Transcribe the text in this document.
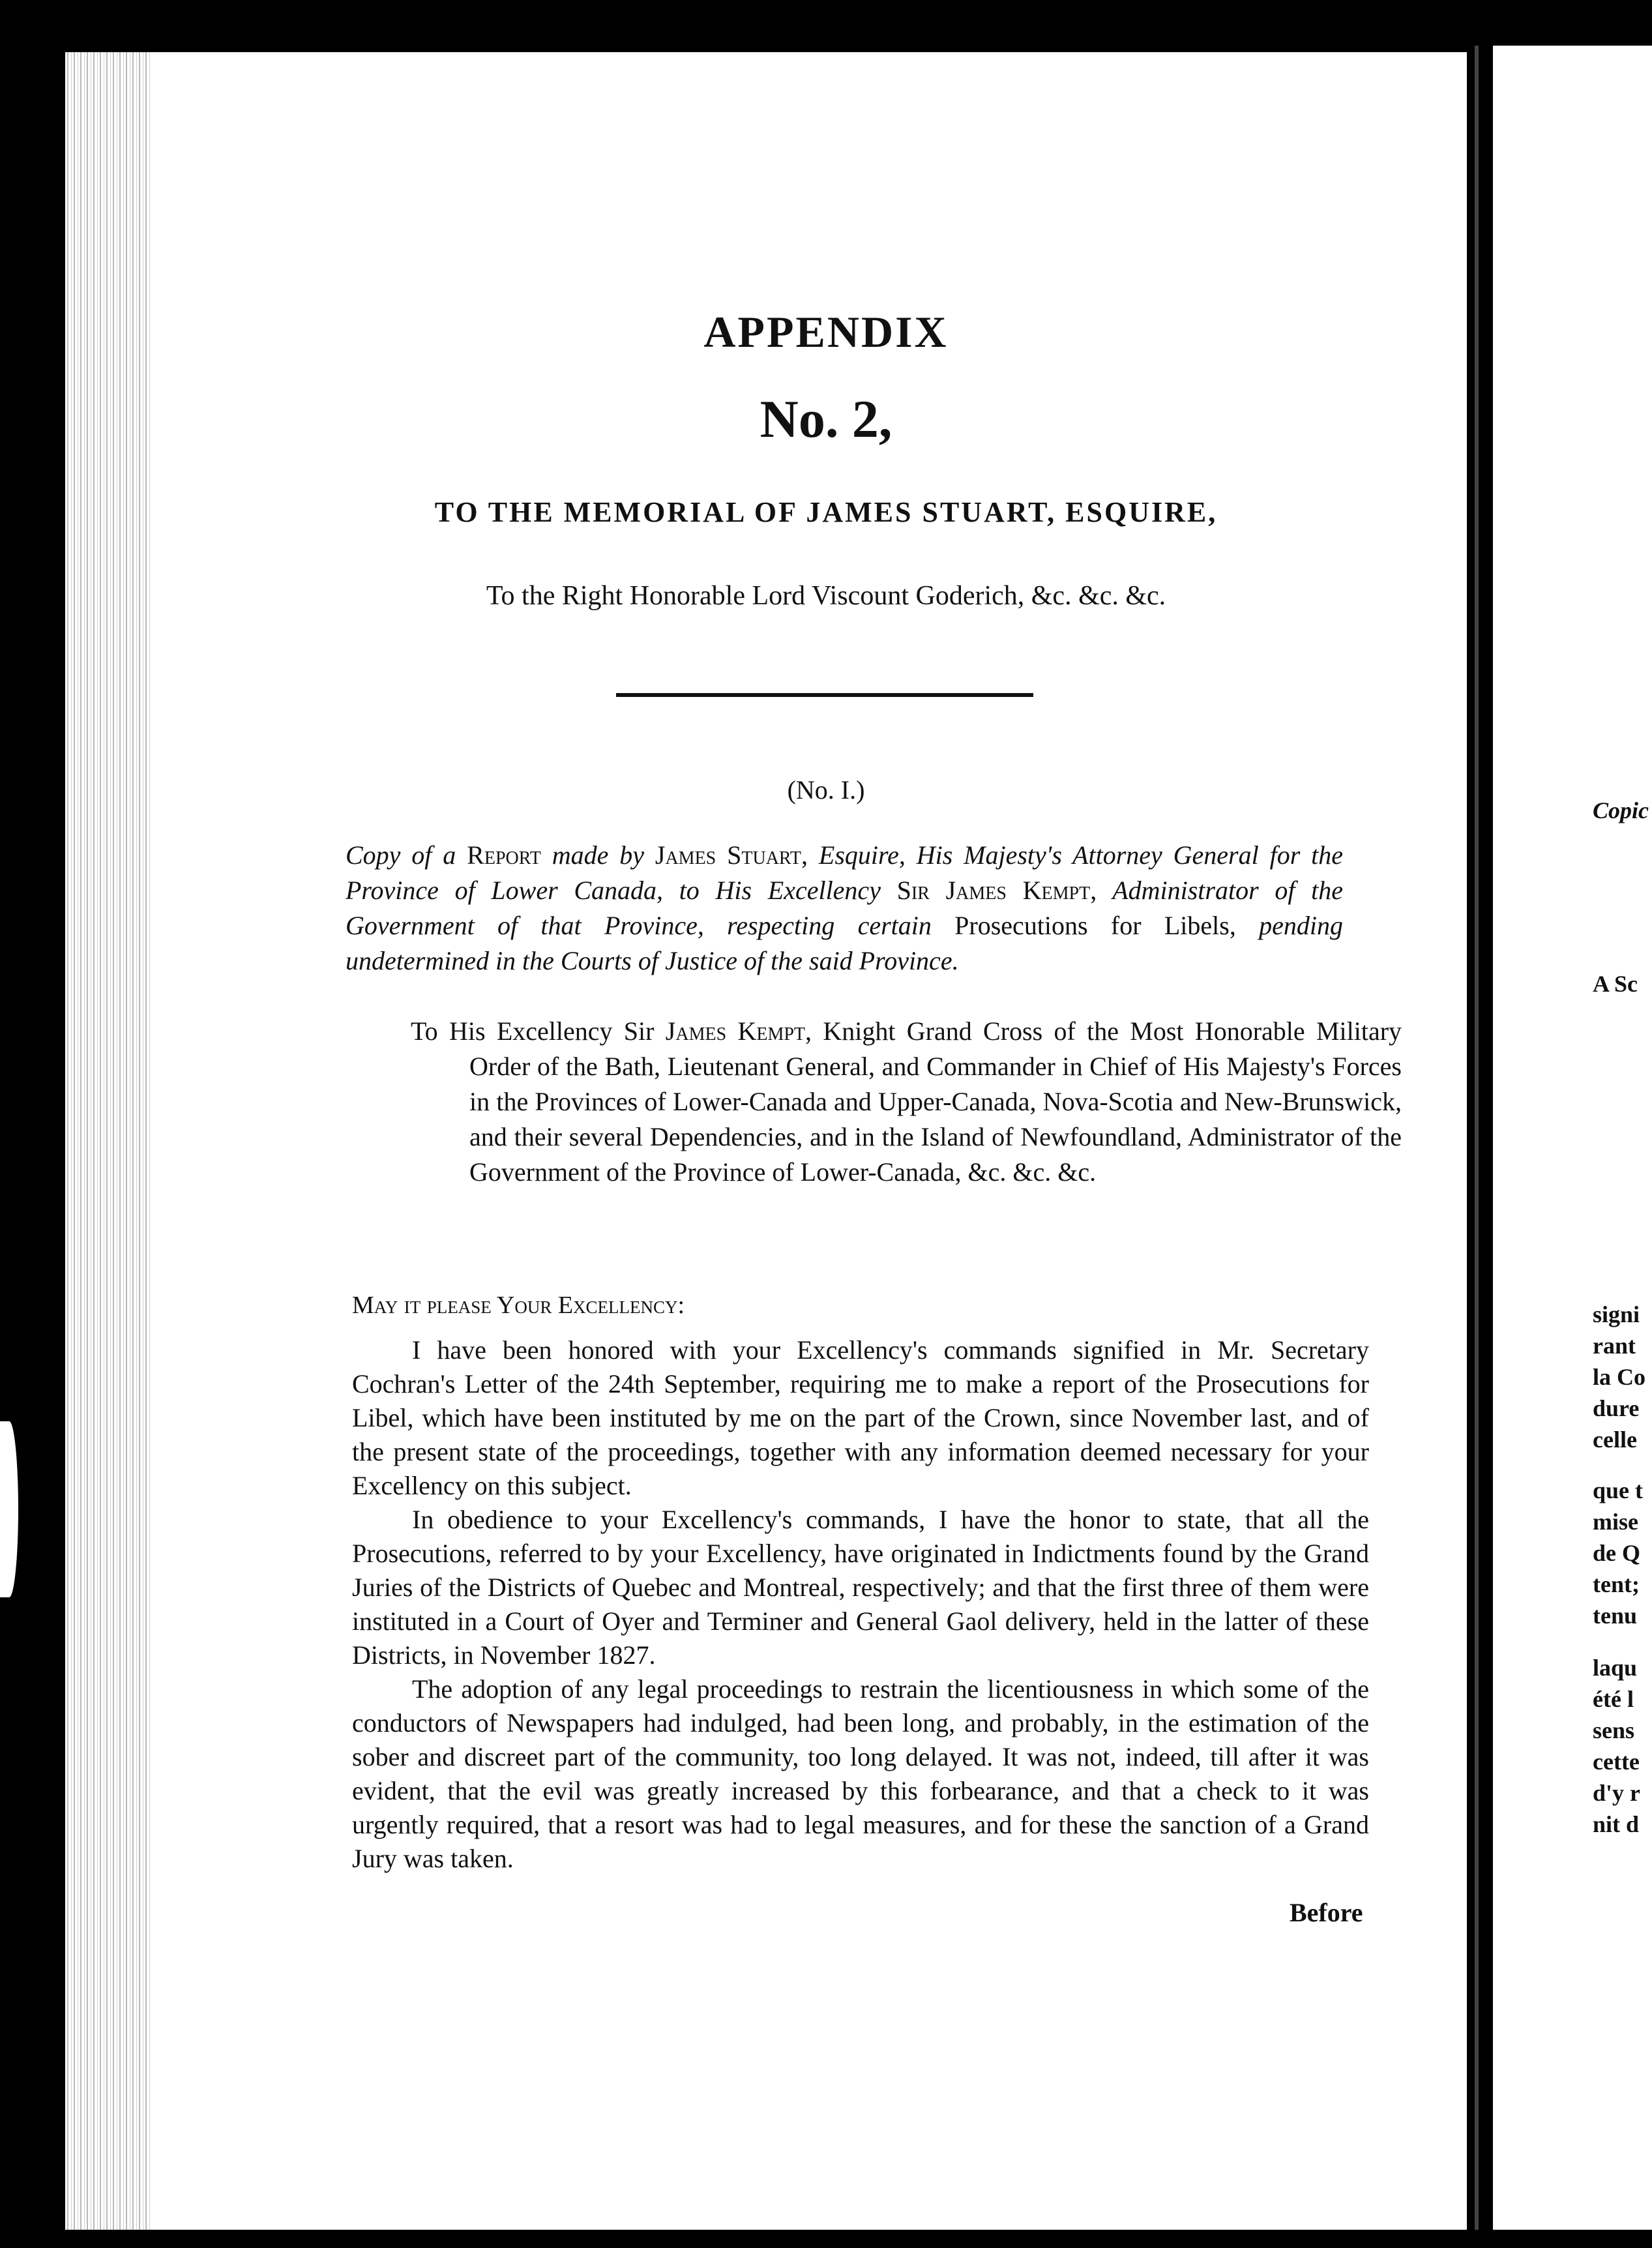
APPENDIX
No. 2,
TO THE MEMORIAL OF JAMES STUART, ESQUIRE,
To the Right Honorable Lord Viscount Goderich, &c. &c. &c.
(No. I.)
Copy of a Report made by James Stuart, Esquire, His Majesty's Attorney General for the Province of Lower Canada, to His Excellency Sir James Kempt, Administrator of the Government of that Province, respecting certain Prosecutions for Libels, pending undetermined in the Courts of Justice of the said Province.
To His Excellency Sir James Kempt, Knight Grand Cross of the Most Honorable Military Order of the Bath, Lieutenant General, and Commander in Chief of His Majesty's Forces in the Provinces of Lower-Canada and Upper-Canada, Nova-Scotia and New-Brunswick, and their several Dependencies, and in the Island of Newfoundland, Administrator of the Government of the Province of Lower-Canada, &c. &c. &c.
May it please Your Excellency:

I have been honored with your Excellency's commands signified in Mr. Secretary Cochran's Letter of the 24th September, requiring me to make a report of the Prosecutions for Libel, which have been instituted by me on the part of the Crown, since November last, and of the present state of the proceedings, together with any information deemed necessary for your Excellency on this subject.

In obedience to your Excellency's commands, I have the honor to state, that all the Prosecutions, referred to by your Excellency, have originated in Indictments found by the Grand Juries of the Districts of Quebec and Montreal, respectively; and that the first three of them were instituted in a Court of Oyer and Terminer and General Gaol delivery, held in the latter of these Districts, in November 1827.

The adoption of any legal proceedings to restrain the licentiousness in which some of the conductors of Newspapers had indulged, had been long, and probably, in the estimation of the sober and discreet part of the community, too long delayed. It was not, indeed, till after it was evident, that the evil was greatly increased by this forbearance, and that a check to it was urgently required, that a resort was had to legal measures, and for these the sanction of a Grand Jury was taken.

Before
Copic
A Sc
signi
rant
la Co
dure
celle
que t
mise
de Q
tent;
tenu
laqu
été l
sens
cette
d'y r
nit d
